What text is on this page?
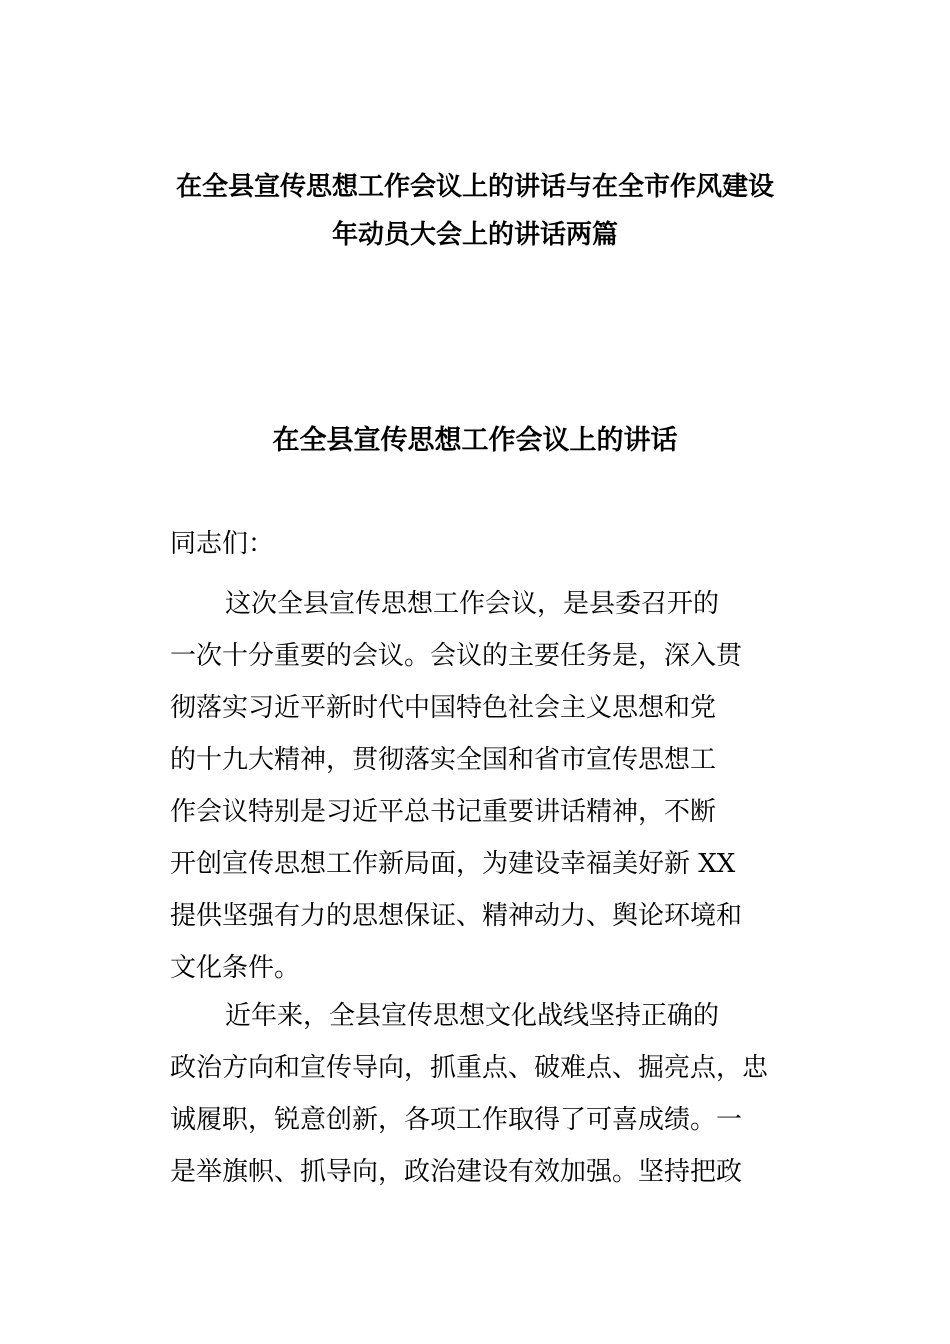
在全县宣传思想工作会议上的讲话与在全市作风建设
年动员大会上的讲话两篇
在全县宣传思想工作会议上的讲话

同志们：

这次全县宣传思想工作会议，是县委召开的
一次十分重要的会议。会议的主要任务是，深入贯
彻落实习近平新时代中国特色社会主义思想和党
的十九大精神，贯彻落实全国和省市宣传思想工
作会议特别是习近平总书记重要讲话精神，不断
开创宣传思想工作新局面，为建设幸福美好新 XX
提供坚强有力的思想保证、精神动力、舆论环境和
文化条件。

近年来，全县宣传思想文化战线坚持正确的
政治方向和宣传导向，抓重点、破难点、掘亮点，忠
诚履职，锐意创新，各项工作取得了可喜成绩。一
是举旗帜、抓导向，政治建设有效加强。坚持把政
